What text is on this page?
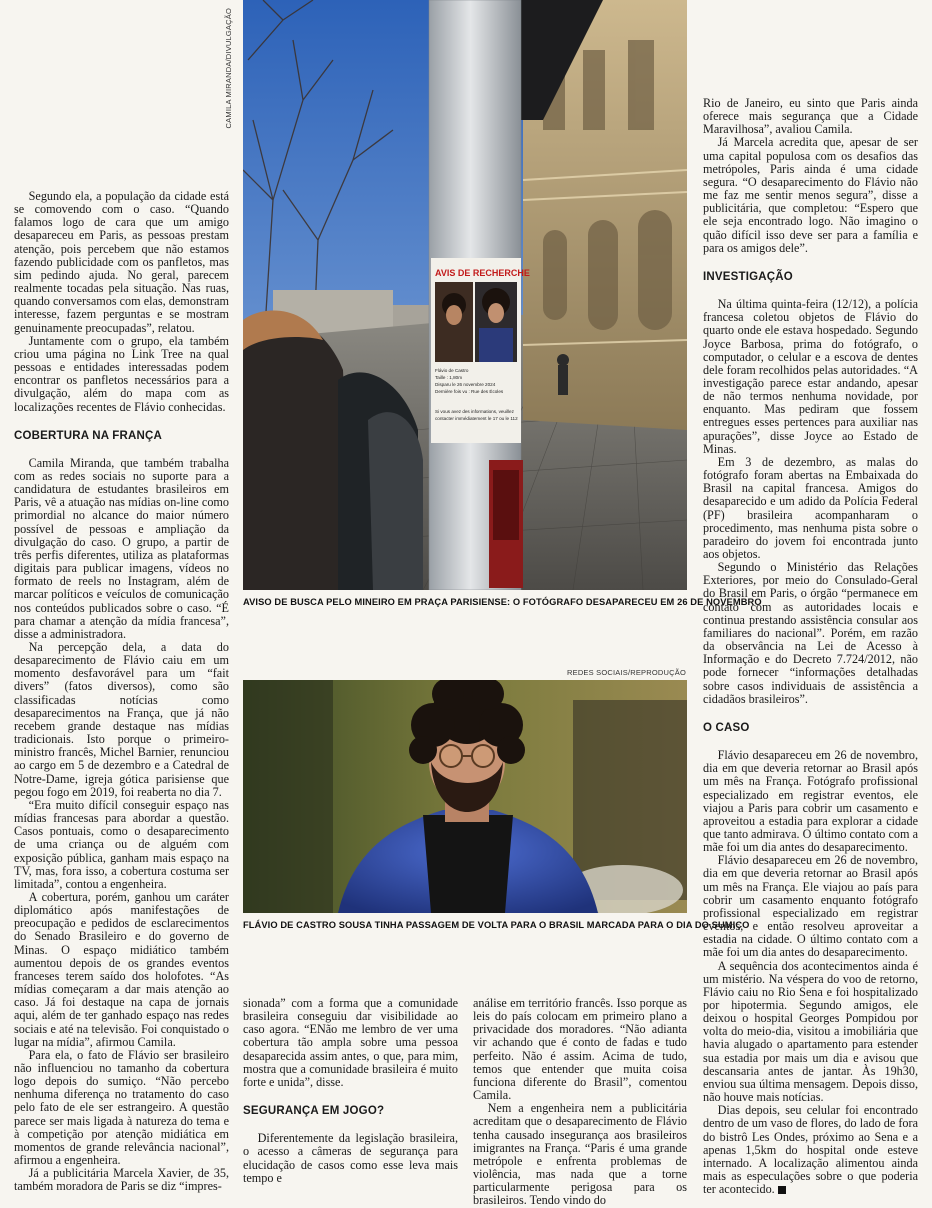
CAMILA MIRANDA/DIVULGAÇÃO
REDES SOCIAIS/REPRODUÇÃO
AVIS DE RECHERCHE
Flávio de Castro
Taille : 1,80m
Disparu le 26 novembre 2024
Dernière fois vu : Rue des Écoles
Si vous avez des informations, veuillez
contacter immédiatement le 17 ou le 112
AVISO DE BUSCA PELO MINEIRO EM PRAÇA PARISIENSE: O FOTÓGRAFO DESAPARECEU EM 26 DE NOVEMBRO
FLÁVIO DE CASTRO SOUSA TINHA PASSAGEM DE VOLTA PARA O BRASIL MARCADA PARA O DIA DO SUMIÇO

Segundo ela, a população da cidade está se comovendo com o caso. “Quando falamos logo de cara que um amigo desapareceu em Paris, as pessoas prestam atenção, pois percebem que não estamos fazendo publicidade com os panfletos, mas sim pedindo ajuda. No geral, parecem realmente tocadas pela situação. Nas ruas, quando conversamos com elas, demonstram interesse, fazem perguntas e se mostram genuinamente preocupadas”, relatou.

Juntamente com o grupo, ela também criou uma página no Link Tree na qual pessoas e entidades interessadas podem encontrar os panfletos necessários para a divulgação, além do mapa com as localizações recentes de Flávio conhecidas.

COBERTURA NA FRANÇA

Camila Miranda, que também trabalha com as redes sociais no suporte para a candidatura de estudantes brasileiros em Paris, vê a atuação nas mídias on-line como primordial no alcance do maior número possível de pessoas e ampliação da divulgação do caso. O grupo, a partir de três perfis diferentes, utiliza as plataformas digitais para publicar imagens, vídeos no formato de reels no Instagram, além de marcar políticos e veículos de comunicação nos conteúdos publicados sobre o caso. “É para chamar a atenção da mídia francesa”, disse a administradora.

Na percepção dela, a data do desaparecimento de Flávio caiu em um momento desfavorável para um “fait divers” (fatos diversos), como são classificadas notícias como desaparecimentos na França, que já não recebem grande destaque nas mídias tradicionais. Isto porque o primeiro-ministro francês, Michel Barnier, renunciou ao cargo em 5 de dezembro e a Catedral de Notre-Dame, igreja gótica parisiense que pegou fogo em 2019, foi reaberta no dia 7.

“Era muito difícil conseguir espaço nas mídias francesas para abordar a questão. Casos pontuais, como o desaparecimento de uma criança ou de alguém com exposição pública, ganham mais espaço na TV, mas, fora isso, a cobertura costuma ser limitada”, contou a engenheira.

A cobertura, porém, ganhou um caráter diplomático após manifestações de preocupação e pedidos de esclarecimentos do Senado Brasileiro e do governo de Minas. O espaço midiático também aumentou depois de os grandes eventos franceses terem saído dos holofotes. “As mídias começaram a dar mais atenção ao caso. Já foi destaque na capa de jornais aqui, além de ter ganhado espaço nas redes sociais e até na televisão. Foi conquistado o lugar na mídia”, afirmou Camila.

Para ela, o fato de Flávio ser brasileiro não influenciou no tamanho da cobertura logo depois do sumiço. “Não percebo nenhuma diferença no tratamento do caso pelo fato de ele ser estrangeiro. A questão parece ser mais ligada à natureza do tema e à competição por atenção midiática em momentos de grande relevância nacional”, afirmou a engenheira.

Já a publicitária Marcela Xavier, de 35, também moradora de Paris se diz “impres-

sionada” com a forma que a comunidade brasileira conseguiu dar visibilidade ao caso agora. “ENão me lembro de ver uma cobertura tão ampla sobre uma pessoa desaparecida assim antes, o que, para mim, mostra que a comunidade brasileira é muito forte e unida”, disse.

SEGURANÇA EM JOGO?

Diferentemente da legislação brasileira, o acesso a câmeras de segurança para elucidação de casos como esse leva mais tempo e

análise em território francês. Isso porque as leis do país colocam em primeiro plano a privacidade dos moradores. “Não adianta vir achando que é conto de fadas e tudo perfeito. Não é assim. Acima de tudo, temos que entender que muita coisa funciona diferente do Brasil”, comentou Camila.

Nem a engenheira nem a publicitária acreditam que o desaparecimento de Flávio tenha causado insegurança aos brasileiros imigrantes na França. “Paris é uma grande metrópole e enfrenta problemas de violência, mas nada que a torne particularmente perigosa para os brasileiros. Tendo vindo do

Rio de Janeiro, eu sinto que Paris ainda oferece mais segurança que a Cidade Maravilhosa”, avaliou Camila.

Já Marcela acredita que, apesar de ser uma capital populosa com os desafios das metrópoles, Paris ainda é uma cidade segura. “O desaparecimento do Flávio não me faz me sentir menos segura”, disse a publicitária, que completou: “Espero que ele seja encontrado logo. Não imagino o quão difícil isso deve ser para a família e para os amigos dele”.

INVESTIGAÇÃO

Na última quinta-feira (12/12), a polícia francesa coletou objetos de Flávio do quarto onde ele estava hospedado. Segundo Joyce Barbosa, prima do fotógrafo, o computador, o celular e a escova de dentes dele foram recolhidos pelas autoridades. “A investigação parece estar andando, apesar de não termos nenhuma novidade, por enquanto. Mas pediram que fossem entregues esses pertences para auxiliar nas apurações”, disse Joyce ao Estado de Minas.

Em 3 de dezembro, as malas do fotógrafo foram abertas na Embaixada do Brasil na capital francesa. Amigos do desaparecido e um adido da Polícia Federal (PF) brasileira acompanharam o procedimento, mas nenhuma pista sobre o paradeiro do jovem foi encontrada junto aos objetos.

Segundo o Ministério das Relações Exteriores, por meio do Consulado-Geral do Brasil em Paris, o órgão “permanece em contato com as autoridades locais e continua prestando assistência consular aos familiares do nacional”. Porém, em razão da observância na Lei de Acesso à Informação e do Decreto 7.724/2012, não pode fornecer “informações detalhadas sobre casos individuais de assistência a cidadãos brasileiros”.

O CASO

Flávio desapareceu em 26 de novembro, dia em que deveria retornar ao Brasil após um mês na França. Fotógrafo profissional especializado em registrar eventos, ele viajou a Paris para cobrir um casamento e aproveitou a estadia para explorar a cidade que tanto admirava. O último contato com a mãe foi um dia antes do desaparecimento.

Flávio desapareceu em 26 de novembro, dia em que deveria retornar ao Brasil após um mês na França. Ele viajou ao país para cobrir um casamento enquanto fotógrafo profissional especializado em registrar eventos, e então resolveu aproveitar a estadia na cidade. O último contato com a mãe foi um dia antes do desaparecimento.

A sequência dos acontecimentos ainda é um mistério. Na véspera do voo de retorno, Flávio caiu no Rio Sena e foi hospitalizado por hipotermia. Segundo amigos, ele deixou o hospital Georges Pompidou por volta do meio-dia, visitou a imobiliária que havia alugado o apartamento para estender sua estadia por mais um dia e avisou que descansaria antes de jantar. Às 19h30, enviou sua última mensagem. Depois disso, não houve mais notícias.

Dias depois, seu celular foi encontrado dentro de um vaso de flores, do lado de fora do bistrô Les Ondes, próximo ao Sena e a apenas 1,5km do hospital onde esteve internado. A localização alimentou ainda mais as especulações sobre o que poderia ter acontecido.
